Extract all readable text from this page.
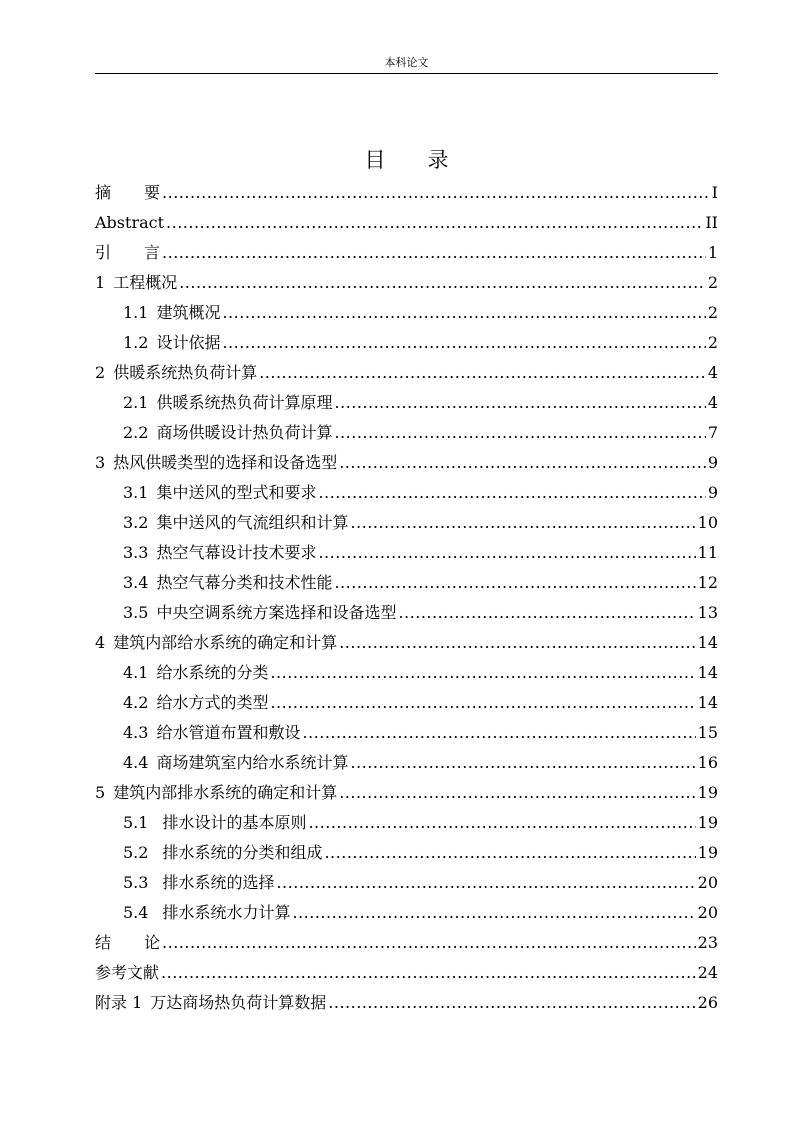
本科论文
目 录
摘要 .....	I
Abstract .....	II
引言 .....	1
1 工程概况 .....	2
1.1 建筑概况 .....	2
1.2 设计依据 .....	2
2 供暖系统热负荷计算 .....	4
2.1 供暖系统热负荷计算原理 .....	4
2.2 商场供暖设计热负荷计算 .....	7
3 热风供暖类型的选择和设备选型 .....	9
3.1 集中送风的型式和要求 .....	9
3.2 集中送风的气流组织和计算 .....	10
3.3 热空气幕设计技术要求 .....	11
3.4 热空气幕分类和技术性能 .....	12
3.5 中央空调系统方案选择和设备选型 .....	13
4 建筑内部给水系统的确定和计算 .....	14
4.1 给水系统的分类 .....	14
4.2 给水方式的类型 .....	14
4.3 给水管道布置和敷设 .....	15
4.4 商场建筑室内给水系统计算 .....	16
5 建筑内部排水系统的确定和计算 .....	19
5.1 排水设计的基本原则 .....	19
5.2 排水系统的分类和组成 .....	19
5.3 排水系统的选择 .....	20
5.4 排水系统水力计算 .....	20
结论 .....	23
参考文献 .....	24
附录 1 万达商场热负荷计算数据 .....	26
